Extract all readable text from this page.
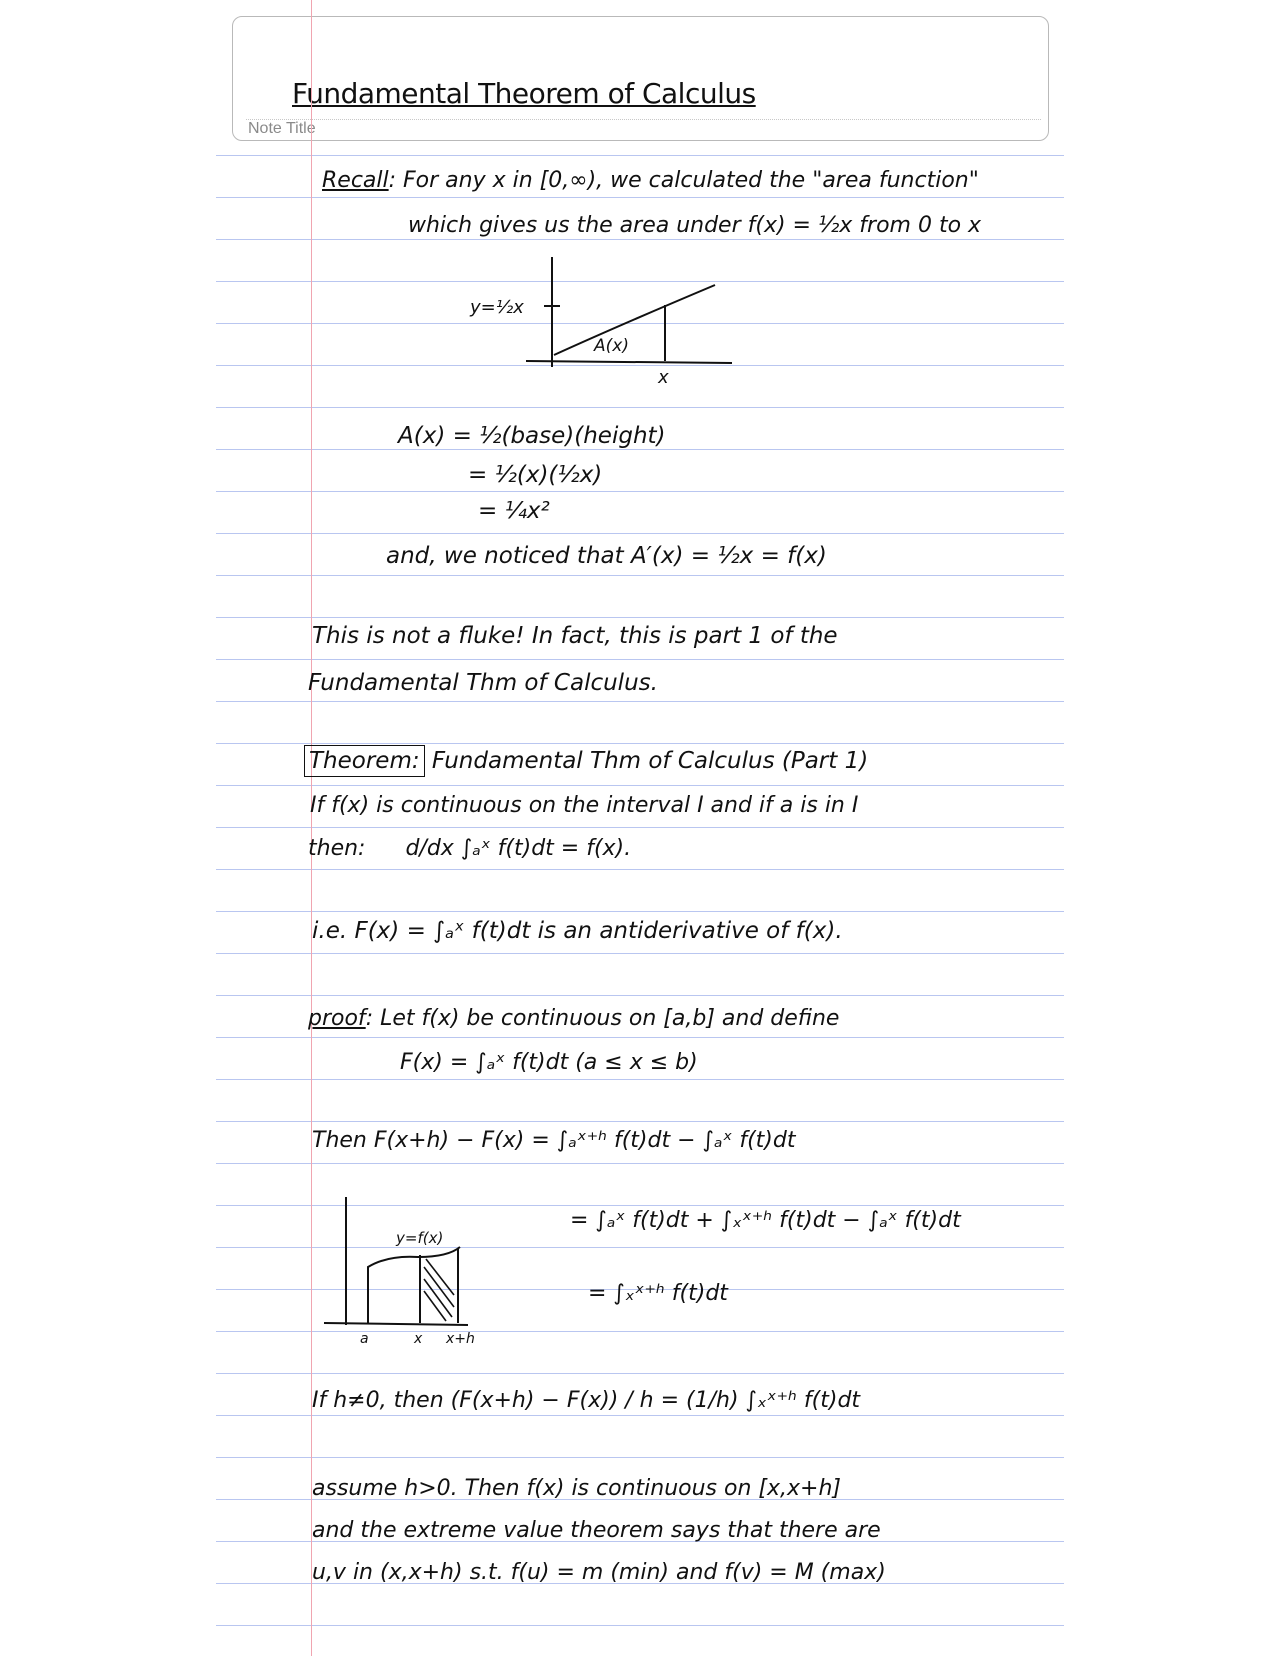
Fundamental Theorem of Calculus
Note Title
Recall: For any x in [0,∞), we calculated the "area function"
which gives us the area under f(x) = ½x from 0 to x
y=½x
A(x)
x
A(x) = ½(base)(height)
= ½(x)(½x)
= ¼x²
and, we noticed that A′(x) = ½x = f(x)
This is not a fluke! In fact, this is part 1 of the
Fundamental Thm of Calculus.
Theorem: Fundamental Thm of Calculus (Part 1)
If f(x) is continuous on the interval I and if a is in I
then: d/dx ∫ₐˣ f(t)dt = f(x).
i.e. F(x) = ∫ₐˣ f(t)dt is an antiderivative of f(x).
proof: Let f(x) be continuous on [a,b] and define
F(x) = ∫ₐˣ f(t)dt (a ≤ x ≤ b)
Then F(x+h) − F(x) = ∫ₐˣ⁺ʰ f(t)dt − ∫ₐˣ f(t)dt
= ∫ₐˣ f(t)dt + ∫ₓˣ⁺ʰ f(t)dt − ∫ₐˣ f(t)dt
= ∫ₓˣ⁺ʰ f(t)dt
y=f(x)
a	x x+h
If h≠0, then (F(x+h) − F(x)) / h = (1/h) ∫ₓˣ⁺ʰ f(t)dt
assume h>0. Then f(x) is continuous on [x,x+h]
and the extreme value theorem says that there are
u,v in (x,x+h) s.t. f(u) = m (min) and f(v) = M (max)
